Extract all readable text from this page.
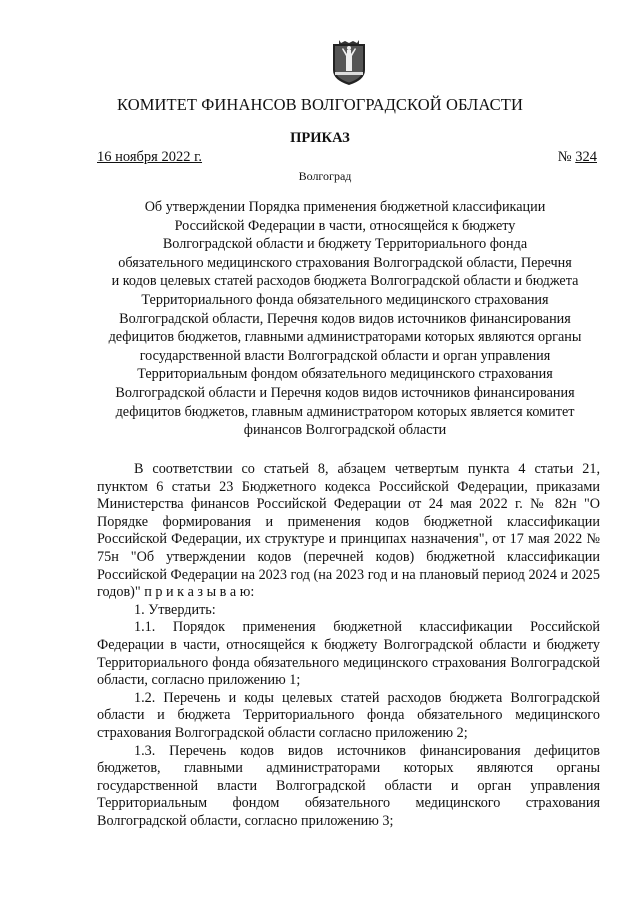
КОМИТЕТ ФИНАНСОВ ВОЛГОГРАДСКОЙ ОБЛАСТИ
ПРИКАЗ
16 ноября 2022 г.	№ 324
Волгоград
Об утверждении Порядка применения бюджетной классификации
Российской Федерации в части, относящейся к бюджету
Волгоградской области и бюджету Территориального фонда
обязательного медицинского страхования Волгоградской области, Перечня
и кодов целевых статей расходов бюджета Волгоградской области и бюджета
Территориального фонда обязательного медицинского страхования
Волгоградской области, Перечня кодов видов источников финансирования
дефицитов бюджетов, главными администраторами которых являются органы
государственной власти Волгоградской области и орган управления
Территориальным фондом обязательного медицинского страхования
Волгоградской области и Перечня кодов видов источников финансирования
дефицитов бюджетов, главным администратором которых является комитет
финансов Волгоградской области

В соответствии со статьей 8, абзацем четвертым пункта 4 статьи 21, пунктом 6 статьи 23 Бюджетного кодекса Российской Федерации, приказами Министерства финансов Российской Федерации от 24 мая 2022 г. № 82н "О Порядке формирования и применения кодов бюджетной классификации Российской Федерации, их структуре и принципах назначения", от 17 мая 2022 № 75н "Об утверждении кодов (перечней кодов) бюджетной классификации Российской Федерации на 2023 год (на 2023 год и на плановый период 2024 и 2025 годов)" п р и к а з ы в а ю:

1. Утвердить:

1.1. Порядок применения бюджетной классификации Российской Федерации в части, относящейся к бюджету Волгоградской области и бюджету Территориального фонда обязательного медицинского страхования Волгоградской области, согласно приложению 1;

1.2. Перечень и коды целевых статей расходов бюджета Волгоградской области и бюджета Территориального фонда обязательного медицинского страхования Волгоградской области согласно приложению 2;

1.3. Перечень кодов видов источников финансирования дефицитов бюджетов, главными администраторами которых являются органы государственной власти Волгоградской области и орган управления Территориальным фондом обязательного медицинского страхования Волгоградской области, согласно приложению 3;
